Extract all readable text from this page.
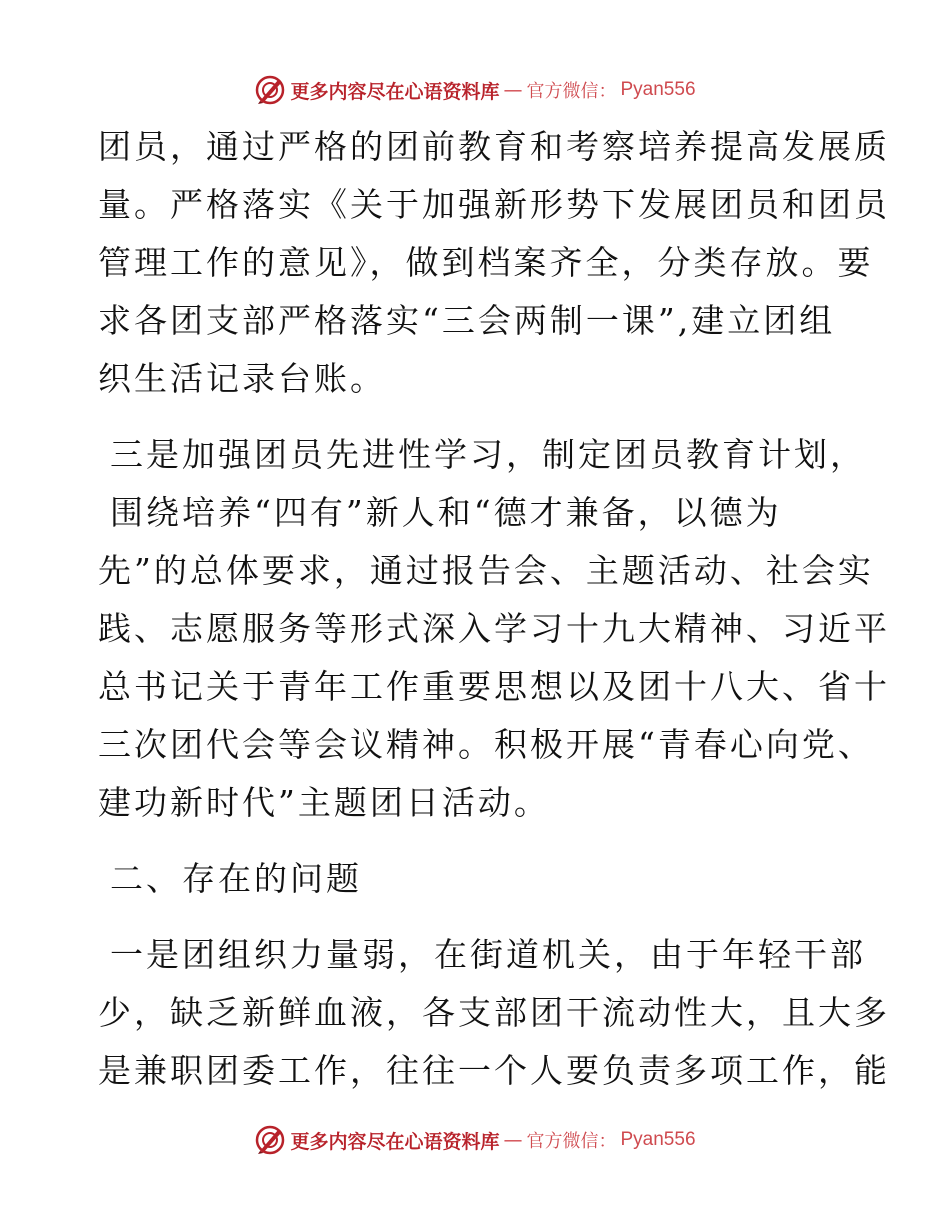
更多内容尽在心语资料库 — 官方微信： Pyan556
团员，通过严格的团前教育和考察培养提高发展质
量。严格落实《关于加强新形势下发展团员和团员
管理工作的意见》，做到档案齐全，分类存放。要
求各团支部严格落实“三会两制一课”,建立团组
织生活记录台账。
三是加强团员先进性学习，制定团员教育计划，
围绕培养“四有”新人和“德才兼备，以德为
先”的总体要求，通过报告会、主题活动、社会实
践、志愿服务等形式深入学习十九大精神、习近平
总书记关于青年工作重要思想以及团十八大、省十
三次团代会等会议精神。积极开展“青春心向党、
建功新时代”主题团日活动。
二、存在的问题
一是团组织力量弱，在街道机关，由于年轻干部
少，缺乏新鲜血液，各支部团干流动性大，且大多
是兼职团委工作，往往一个人要负责多项工作，能
更多内容尽在心语资料库 — 官方微信： Pyan556
